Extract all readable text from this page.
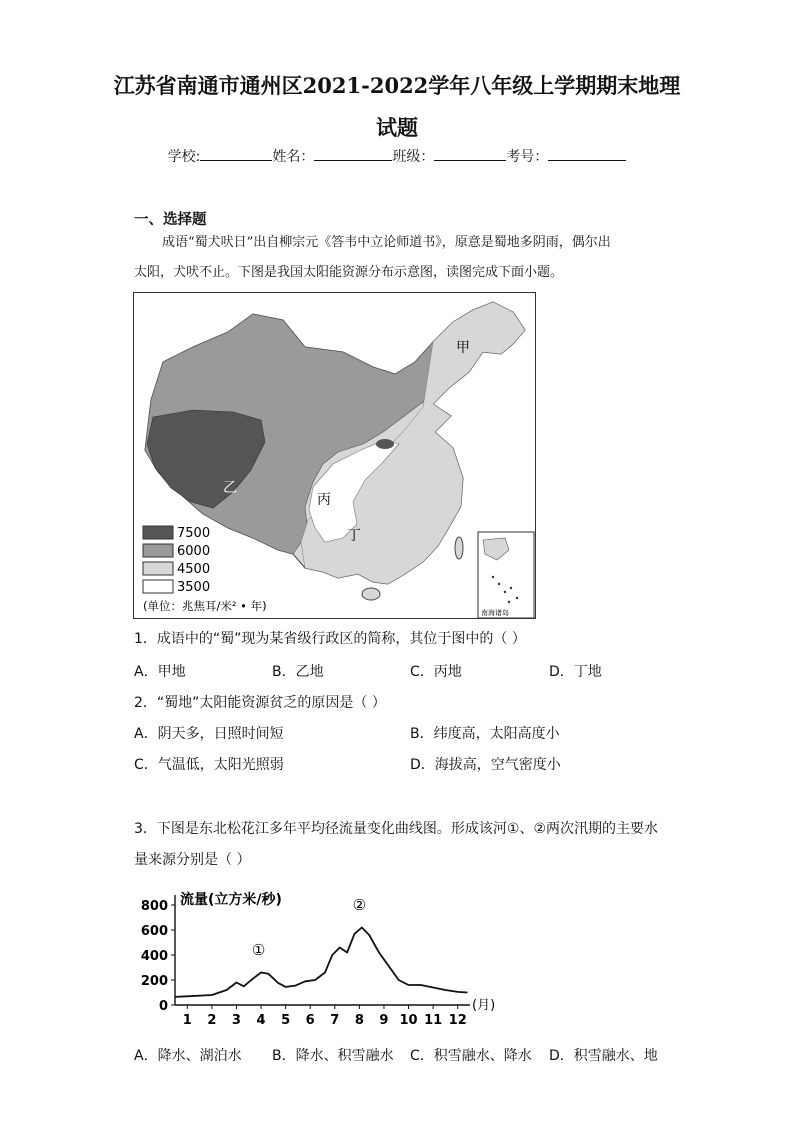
江苏省南通市通州区2021-2022学年八年级上学期期末地理
试题
学校:	姓名：	班级：	考号：
一、选择题
成语“蜀犬吠日”出自柳宗元《答韦中立论师道书》，原意是蜀地多阴雨，偶尔出
太阳，犬吠不止。下图是我国太阳能资源分布示意图，读图完成下面小题。
甲
乙
丙
丁
7500
6000
4500
3500
(单位：兆焦耳/米² • 年)	南海诸岛
1．成语中的“蜀”现为某省级行政区的简称，其位于图中的（ ）
A．甲地	B．乙地	C．丙地	D．丁地
2．“蜀地”太阳能资源贫乏的原因是（ ）
A．阴天多，日照时间短	B．纬度高，太阳高度小
C．气温低，太阳光照弱	D．海拔高，空气密度小
3．下图是东北松花江多年平均径流量变化曲线图。形成该河①、②两次汛期的主要水
量来源分别是（ ）
流量(立方米/秒)
0
200
400
600
800
1 2 3 4 5 6 7 8 9 10 11 12
(月)
①
②
A．降水、湖泊水 B．降水、积雪融水 C．积雪融水、降水 D．积雪融水、地
